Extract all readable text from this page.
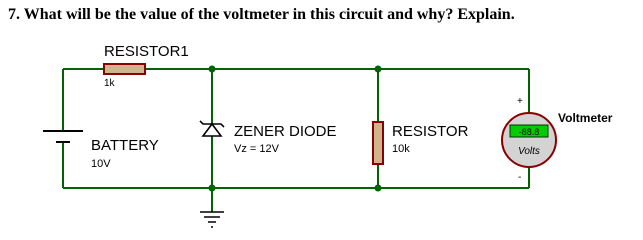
7. What will be the value of the voltmeter in this circuit and why? Explain.
RESISTOR1
1k
BATTERY
10V
ZENER DIODE
Vz = 12V
RESISTOR
10k
-88.8
Volts
+
-
Voltmeter
